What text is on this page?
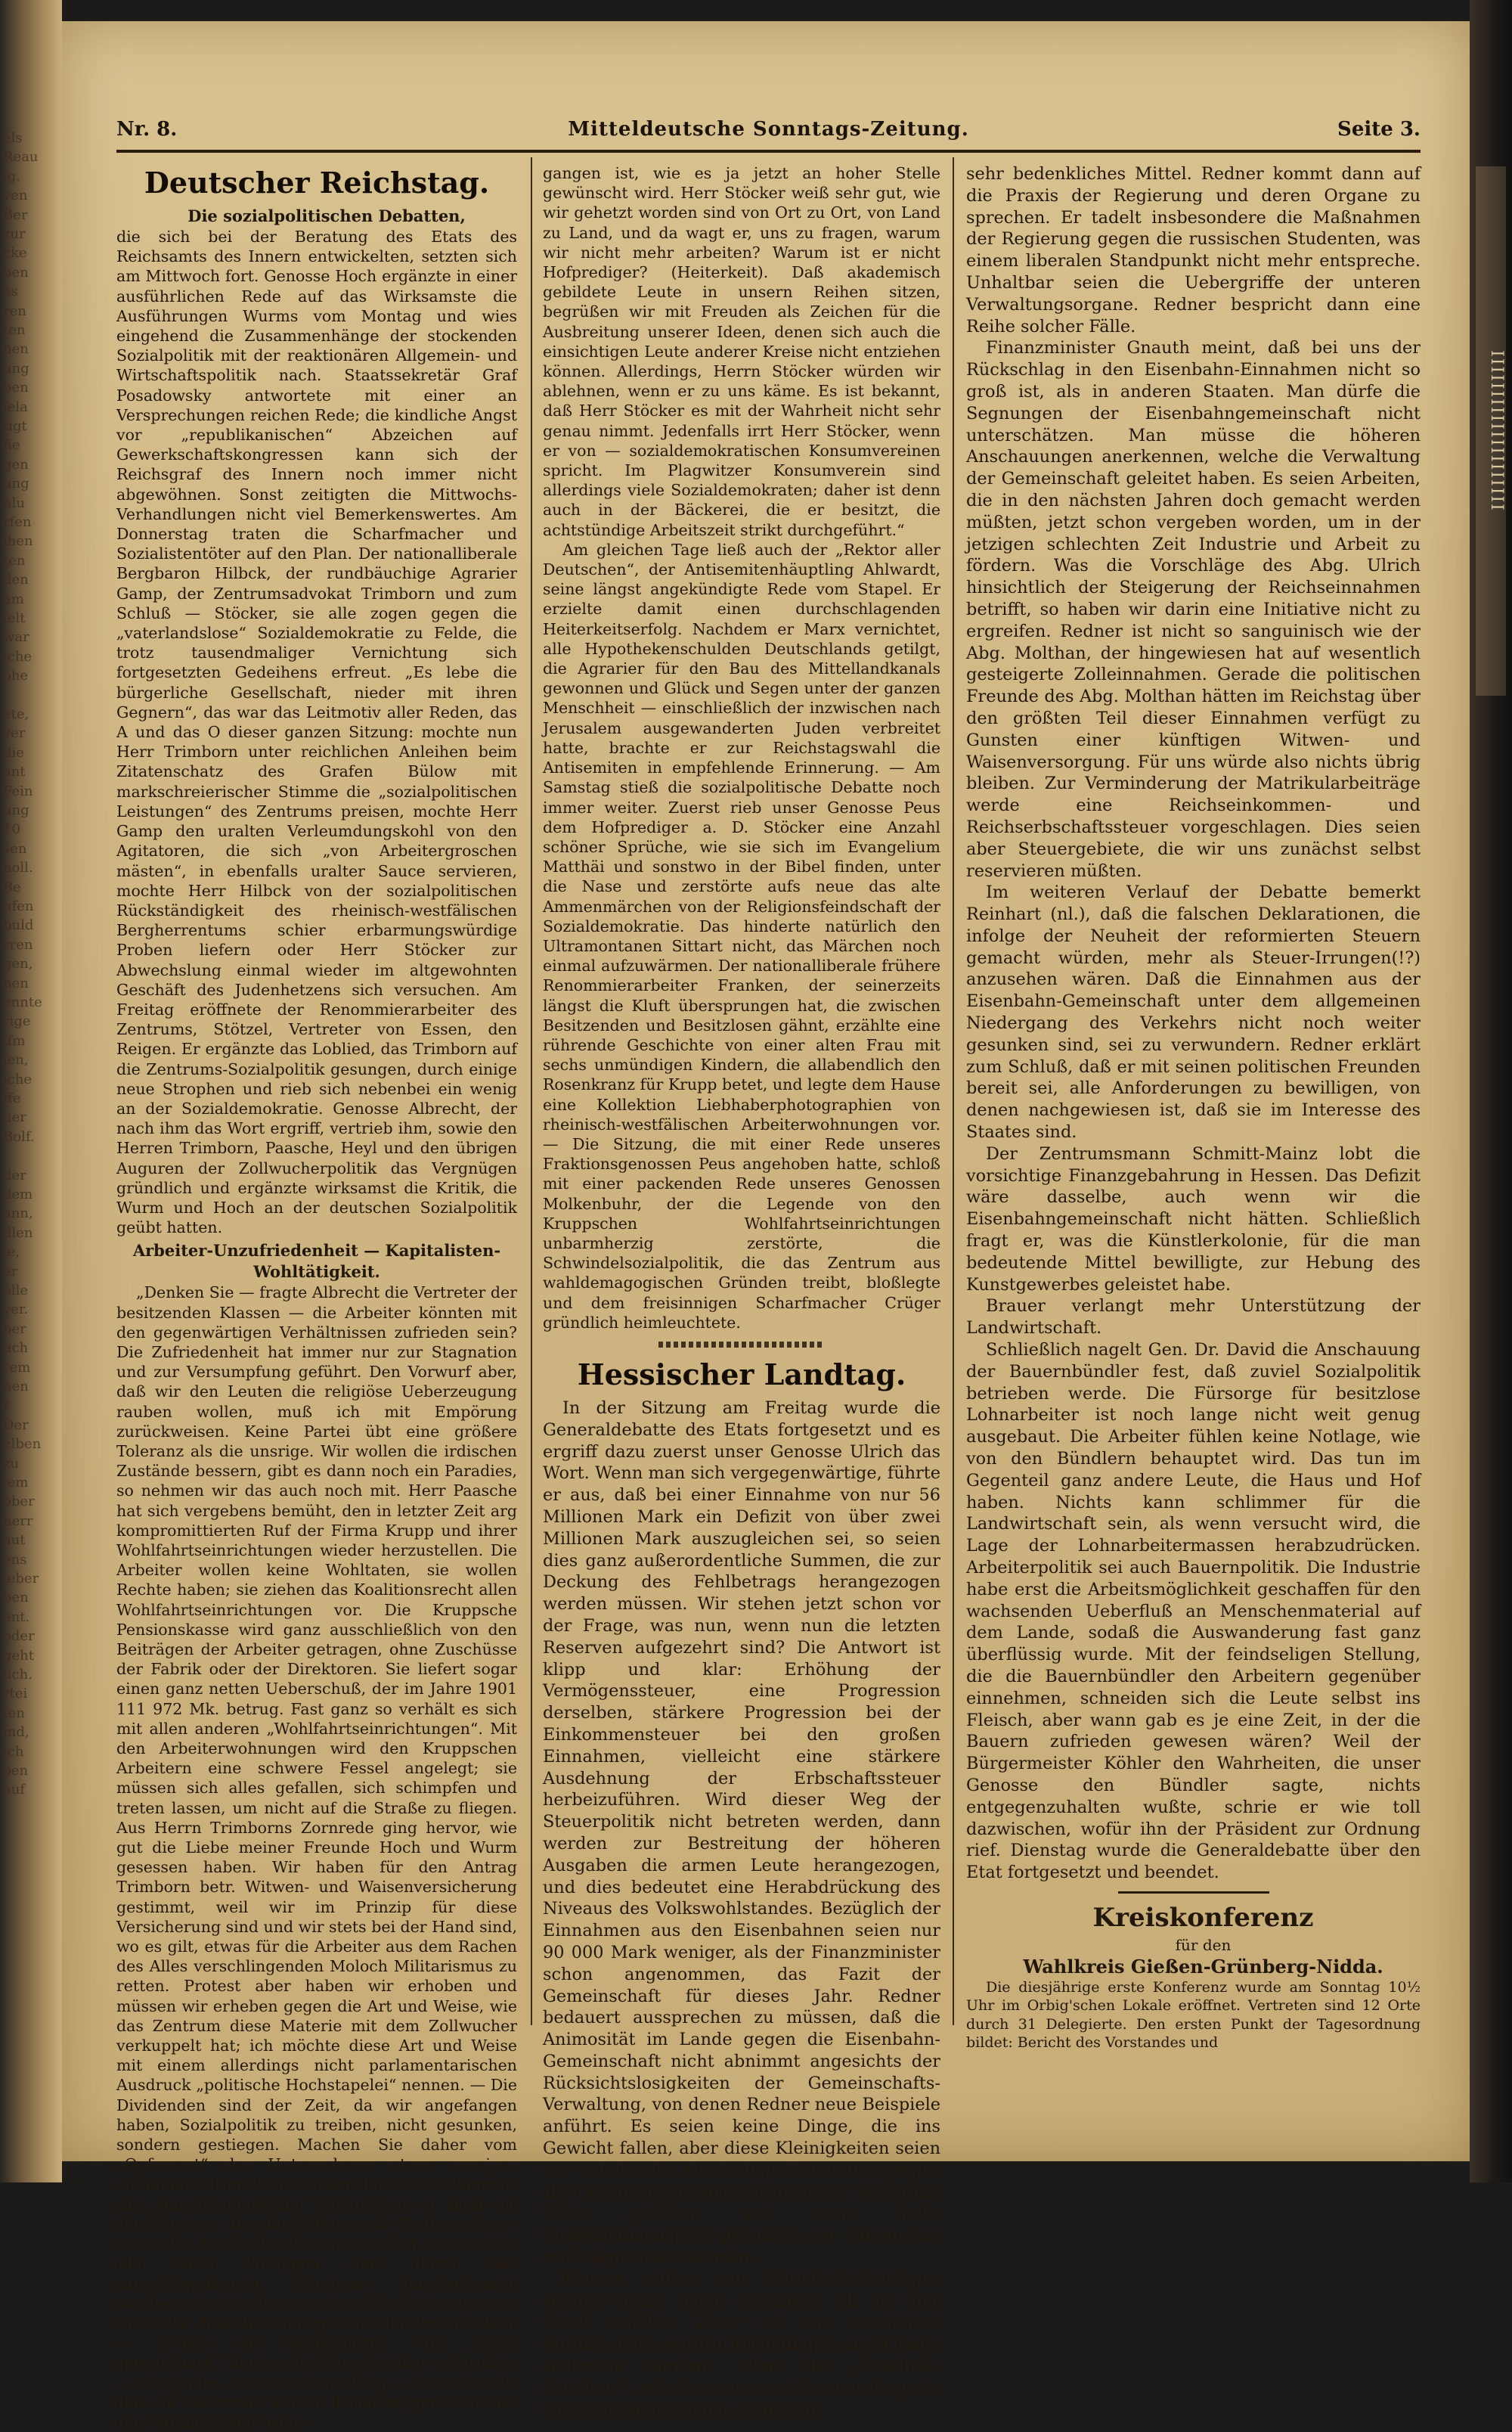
els
Reau
ig.
ven
Ber
zur
cke
ben
es
ren
ten
hen
ung
ben
iela
tigt
fie
gen
ung
hlu
rfen
ihen
ten
den
am
ielt
war
iche
ohe
ete,
ver
die
ant
Fein
ung
10
sen
holl.
Be
nfen
buld
rren
gen,
hen
ennte
rige
ifm
jen,
iche
ffe
uer
Bolf.
der
dem
ann,
dlen
ie,
er
olle
ver.
ber
uch
rem
hen
r
Der
elben
zu
iem
ober
herr
aut
ens
ieber
ben
ent.
oder
geht
lich.
rtei
fen
ind,
ich
oen
auf
Nr. 8.	Mitteldeutsche Sonntags-Zeitung.	Seite 3.
Deutscher Reichstag.

Die sozialpolitischen Debatten,

die sich bei der Beratung des Etats des Reichsamts des Innern entwickelten, setzten sich am Mittwoch fort. Genosse Hoch ergänzte in einer ausführlichen Rede auf das Wirksamste die Ausführungen Wurms vom Montag und wies eingehend die Zusammenhänge der stockenden Sozialpolitik mit der reaktionären Allgemein- und Wirtschaftspolitik nach. Staatssekretär Graf Posadowsky antwortete mit einer an Versprechungen reichen Rede; die kindliche Angst vor „republikanischen“ Abzeichen auf Gewerkschaftskongressen kann sich der Reichsgraf des Innern noch immer nicht abgewöhnen. Sonst zeitigten die Mittwochs-Verhandlungen nicht viel Bemerkenswertes. Am Donnerstag traten die Scharfmacher und Sozialistentöter auf den Plan. Der nationalliberale Bergbaron Hilbck, der rundbäuchige Agrarier Gamp, der Zentrumsadvokat Trimborn und zum Schluß — Stöcker, sie alle zogen gegen die „vaterlandslose“ Sozialdemokratie zu Felde, die trotz tausendmaliger Vernichtung sich fortgesetzten Gedeihens erfreut. „Es lebe die bürgerliche Gesellschaft, nieder mit ihren Gegnern“, das war das Leitmotiv aller Reden, das A und das O dieser ganzen Sitzung: mochte nun Herr Trimborn unter reichlichen Anleihen beim Zitatenschatz des Grafen Bülow mit markschreierischer Stimme die „sozialpolitischen Leistungen“ des Zentrums preisen, mochte Herr Gamp den uralten Verleumdungskohl von den Agitatoren, die sich „von Arbeitergroschen mästen“, in ebenfalls uralter Sauce servieren, mochte Herr Hilbck von der sozialpolitischen Rückständigkeit des rheinisch-westfälischen Bergherrentums schier erbarmungswürdige Proben liefern oder Herr Stöcker zur Abwechslung einmal wieder im altgewohnten Geschäft des Judenhetzens sich versuchen. Am Freitag eröffnete der Renommierarbeiter des Zentrums, Stötzel, Vertreter von Essen, den Reigen. Er ergänzte das Loblied, das Trimborn auf die Zentrums-Sozialpolitik gesungen, durch einige neue Strophen und rieb sich nebenbei ein wenig an der Sozialdemokratie. Genosse Albrecht, der nach ihm das Wort ergriff, vertrieb ihm, sowie den Herren Trimborn, Paasche, Heyl und den übrigen Auguren der Zollwucherpolitik das Vergnügen gründlich und ergänzte wirksamst die Kritik, die Wurm und Hoch an der deutschen Sozialpolitik geübt hatten.

Arbeiter-Unzufriedenheit — Kapitalisten-Wohltätigkeit.

„Denken Sie — fragte Albrecht die Vertreter der besitzenden Klassen — die Arbeiter könnten mit den gegenwärtigen Verhältnissen zufrieden sein? Die Zufriedenheit hat immer nur zur Stagnation und zur Versumpfung geführt. Den Vorwurf aber, daß wir den Leuten die religiöse Ueberzeugung rauben wollen, muß ich mit Empörung zurückweisen. Keine Partei übt eine größere Toleranz als die unsrige. Wir wollen die irdischen Zustände bessern, gibt es dann noch ein Paradies, so nehmen wir das auch noch mit. Herr Paasche hat sich vergebens bemüht, den in letzter Zeit arg kompromittierten Ruf der Firma Krupp und ihrer Wohlfahrtseinrichtungen wieder herzustellen. Die Arbeiter wollen keine Wohltaten, sie wollen Rechte haben; sie ziehen das Koalitionsrecht allen Wohlfahrtseinrichtungen vor. Die Kruppsche Pensionskasse wird ganz ausschließlich von den Beiträgen der Arbeiter getragen, ohne Zuschüsse der Fabrik oder der Direktoren. Sie liefert sogar einen ganz netten Ueberschuß, der im Jahre 1901 111 972 Mk. betrug. Fast ganz so verhält es sich mit allen anderen „Wohlfahrtseinrichtungen“. Mit den Arbeiterwohnungen wird den Kruppschen Arbeitern eine schwere Fessel angelegt; sie müssen sich alles gefallen, sich schimpfen und treten lassen, um nicht auf die Straße zu fliegen. Aus Herrn Trimborns Zornrede ging hervor, wie gut die Liebe meiner Freunde Hoch und Wurm gesessen haben. Wir haben für den Antrag Trimborn betr. Witwen- und Waisenversicherung gestimmt, weil wir im Prinzip für diese Versicherung sind und wir stets bei der Hand sind, wo es gilt, etwas für die Arbeiter aus dem Rachen des Alles verschlingenden Moloch Militarismus zu retten. Protest aber haben wir erhoben und müssen wir erheben gegen die Art und Weise, wie das Zentrum diese Materie mit dem Zollwucher verkuppelt hat; ich möchte diese Art und Weise mit einem allerdings nicht parlamentarischen Ausdruck „politische Hochstapelei“ nennen. — Die Dividenden sind der Zeit, da wir angefangen haben, Sozialpolitik zu treiben, nicht gesunken, sondern gestiegen. Machen Sie daher vom „Opfermut“ der Unternehmer etwas weniger Aufhebens! Herr Stötzel bezeichnete das Zentrum als „ausschlaggebende“ Partei. Um so mehr ist das Zentrum für die Militär- und Flottenvorlage, sowie für den Zolltarif verantwortlich zu machen; alle diese Vorlagen sind durch das ausschlaggebende Zentrum durchgebracht worden; nie aber hat es seine Macht benutzt, um wirkliche Arbeiterschutzgesetze durchzudrücken! — Gegen die Redensarten von „reich gewordenen“ Leuten, die Herr Stöcker vorbrachte — ich glaube, nur er ist dazu fähig — bemerke ich, daß die Mehrzahl meiner Fraktionsgenossen aus der Werkstatt hervorge-

gangen ist, wie es ja jetzt an hoher Stelle gewünscht wird. Herr Stöcker weiß sehr gut, wie wir gehetzt worden sind von Ort zu Ort, von Land zu Land, und da wagt er, uns zu fragen, warum wir nicht mehr arbeiten? Warum ist er nicht Hofprediger? (Heiterkeit). Daß akademisch gebildete Leute in unsern Reihen sitzen, begrüßen wir mit Freuden als Zeichen für die Ausbreitung unserer Ideen, denen sich auch die einsichtigen Leute anderer Kreise nicht entziehen können. Allerdings, Herrn Stöcker würden wir ablehnen, wenn er zu uns käme. Es ist bekannt, daß Herr Stöcker es mit der Wahrheit nicht sehr genau nimmt. Jedenfalls irrt Herr Stöcker, wenn er von — sozialdemokratischen Konsumvereinen spricht. Im Plagwitzer Konsumverein sind allerdings viele Sozialdemokraten; daher ist denn auch in der Bäckerei, die er besitzt, die achtstündige Arbeitszeit strikt durchgeführt.“

Am gleichen Tage ließ auch der „Rektor aller Deutschen“, der Antisemitenhäuptling Ahlwardt, seine längst angekündigte Rede vom Stapel. Er erzielte damit einen durchschlagenden Heiterkeitserfolg. Nachdem er Marx vernichtet, alle Hypothekenschulden Deutschlands getilgt, die Agrarier für den Bau des Mittellandkanals gewonnen und Glück und Segen unter der ganzen Menschheit — einschließlich der inzwischen nach Jerusalem ausgewanderten Juden verbreitet hatte, brachte er zur Reichstagswahl die Antisemiten in empfehlende Erinnerung. — Am Samstag stieß die sozialpolitische Debatte noch immer weiter. Zuerst rieb unser Genosse Peus dem Hofprediger a. D. Stöcker eine Anzahl schöner Sprüche, wie sie sich im Evangelium Matthäi und sonstwo in der Bibel finden, unter die Nase und zerstörte aufs neue das alte Ammenmärchen von der Religionsfeindschaft der Sozialdemokratie. Das hinderte natürlich den Ultramontanen Sittart nicht, das Märchen noch einmal aufzuwärmen. Der nationalliberale frühere Renommierarbeiter Franken, der seinerzeits längst die Kluft übersprungen hat, die zwischen Besitzenden und Besitzlosen gähnt, erzählte eine rührende Geschichte von einer alten Frau mit sechs unmündigen Kindern, die allabendlich den Rosenkranz für Krupp betet, und legte dem Hause eine Kollektion Liebhaberphotographien von rheinisch-westfälischen Arbeiterwohnungen vor. — Die Sitzung, die mit einer Rede unseres Fraktionsgenossen Peus angehoben hatte, schloß mit einer packenden Rede unseres Genossen Molkenbuhr, der die Legende von den Kruppschen Wohlfahrtseinrichtungen unbarmherzig zerstörte, die Schwindelsozialpolitik, die das Zentrum aus wahldemagogischen Gründen treibt, bloßlegte und dem freisinnigen Scharfmacher Crüger gründlich heimleuchtete.

Hessischer Landtag.

In der Sitzung am Freitag wurde die Generaldebatte des Etats fortgesetzt und es ergriff dazu zuerst unser Genosse Ulrich das Wort. Wenn man sich vergegenwärtige, führte er aus, daß bei einer Einnahme von nur 56 Millionen Mark ein Defizit von über zwei Millionen Mark auszugleichen sei, so seien dies ganz außerordentliche Summen, die zur Deckung des Fehlbetrags herangezogen werden müssen. Wir stehen jetzt schon vor der Frage, was nun, wenn nun die letzten Reserven aufgezehrt sind? Die Antwort ist klipp und klar: Erhöhung der Vermögenssteuer, eine Progression derselben, stärkere Progression bei der Einkommensteuer bei den großen Einnahmen, vielleicht eine stärkere Ausdehnung der Erbschaftssteuer herbeizuführen. Wird dieser Weg der Steuerpolitik nicht betreten werden, dann werden zur Bestreitung der höheren Ausgaben die armen Leute herangezogen, und dies bedeutet eine Herabdrückung des Niveaus des Volkswohlstandes. Bezüglich der Einnahmen aus den Eisenbahnen seien nur 90 000 Mark weniger, als der Finanzminister schon angenommen, das Fazit der Gemeinschaft für dieses Jahr. Redner bedauert aussprechen zu müssen, daß die Animosität im Lande gegen die Eisenbahn-Gemeinschaft nicht abnimmt angesichts der Rücksichtslosigkeiten der Gemeinschafts-Verwaltung, von denen Redner neue Beispiele anführt. Es seien keine Dinge, die ins Gewicht fallen, aber diese Kleinigkeiten seien es, welche die feindselige Stimmung gegen die Gemeinschaft noch vergrößern. Wenn das Wort gefallen sei, man habe Nebenbahnensport getrieben, so müsse das zurückgewiesen werden.

Hessen müsse an Matrikularbeiträgen 600000 Mark mehr bezahlen, als es vom Reich erhalte. Zwar sei uns versichert worden, daß weitere Erhöhungen nicht mehr eintreten werden. Aber die „Zuschuß-Anleihen“, mit denen man sich neuerdings im Reich zu helfen suche, seien ein

sehr bedenkliches Mittel. Redner kommt dann auf die Praxis der Regierung und deren Organe zu sprechen. Er tadelt insbesondere die Maßnahmen der Regierung gegen die russischen Studenten, was einem liberalen Standpunkt nicht mehr entspreche. Unhaltbar seien die Uebergriffe der unteren Verwaltungsorgane. Redner bespricht dann eine Reihe solcher Fälle.

Finanzminister Gnauth meint, daß bei uns der Rückschlag in den Eisenbahn-Einnahmen nicht so groß ist, als in anderen Staaten. Man dürfe die Segnungen der Eisenbahngemeinschaft nicht unterschätzen. Man müsse die höheren Anschauungen anerkennen, welche die Verwaltung der Gemeinschaft geleitet haben. Es seien Arbeiten, die in den nächsten Jahren doch gemacht werden müßten, jetzt schon vergeben worden, um in der jetzigen schlechten Zeit Industrie und Arbeit zu fördern. Was die Vorschläge des Abg. Ulrich hinsichtlich der Steigerung der Reichseinnahmen betrifft, so haben wir darin eine Initiative nicht zu ergreifen. Redner ist nicht so sanguinisch wie der Abg. Molthan, der hingewiesen hat auf wesentlich gesteigerte Zolleinnahmen. Gerade die politischen Freunde des Abg. Molthan hätten im Reichstag über den größten Teil dieser Einnahmen verfügt zu Gunsten einer künftigen Witwen- und Waisenversorgung. Für uns würde also nichts übrig bleiben. Zur Verminderung der Matrikularbeiträge werde eine Reichseinkommen- und Reichserbschaftssteuer vorgeschlagen. Dies seien aber Steuergebiete, die wir uns zunächst selbst reservieren müßten.

Im weiteren Verlauf der Debatte bemerkt Reinhart (nl.), daß die falschen Deklarationen, die infolge der Neuheit der reformierten Steuern gemacht würden, mehr als Steuer-Irrungen(!?) anzusehen wären. Daß die Einnahmen aus der Eisenbahn-Gemeinschaft unter dem allgemeinen Niedergang des Verkehrs nicht noch weiter gesunken sind, sei zu verwundern. Redner erklärt zum Schluß, daß er mit seinen politischen Freunden bereit sei, alle Anforderungen zu bewilligen, von denen nachgewiesen ist, daß sie im Interesse des Staates sind.

Der Zentrumsmann Schmitt-Mainz lobt die vorsichtige Finanzgebahrung in Hessen. Das Defizit wäre dasselbe, auch wenn wir die Eisenbahngemeinschaft nicht hätten. Schließlich fragt er, was die Künstlerkolonie, für die man bedeutende Mittel bewilligte, zur Hebung des Kunstgewerbes geleistet habe.

Brauer verlangt mehr Unterstützung der Landwirtschaft.

Schließlich nagelt Gen. Dr. David die Anschauung der Bauernbündler fest, daß zuviel Sozialpolitik betrieben werde. Die Fürsorge für besitzlose Lohnarbeiter ist noch lange nicht weit genug ausgebaut. Die Arbeiter fühlen keine Notlage, wie von den Bündlern behauptet wird. Das tun im Gegenteil ganz andere Leute, die Haus und Hof haben. Nichts kann schlimmer für die Landwirtschaft sein, als wenn versucht wird, die Lage der Lohnarbeitermassen herabzudrücken. Arbeiterpolitik sei auch Bauernpolitik. Die Industrie habe erst die Arbeitsmöglichkeit geschaffen für den wachsenden Ueberfluß an Menschenmaterial auf dem Lande, sodaß die Auswanderung fast ganz überflüssig wurde. Mit der feindseligen Stellung, die die Bauernbündler den Arbeitern gegenüber einnehmen, schneiden sich die Leute selbst ins Fleisch, aber wann gab es je eine Zeit, in der die Bauern zufrieden gewesen wären? Weil der Bürgermeister Köhler den Wahrheiten, die unser Genosse den Bündler sagte, nichts entgegenzuhalten wußte, schrie er wie toll dazwischen, wofür ihn der Präsident zur Ordnung rief. Dienstag wurde die Generaldebatte über den Etat fortgesetzt und beendet.

Kreiskonferenz

für den

Wahlkreis Gießen-Grünberg-Nidda.

Die diesjährige erste Konferenz wurde am Sonntag 10½ Uhr im Orbig'schen Lokale eröffnet. Vertreten sind 12 Orte durch 31 Delegierte. Den ersten Punkt der Tagesordnung bildet: Bericht des Vorstandes und

IIIIIIIIIIIIIIIIIIII
